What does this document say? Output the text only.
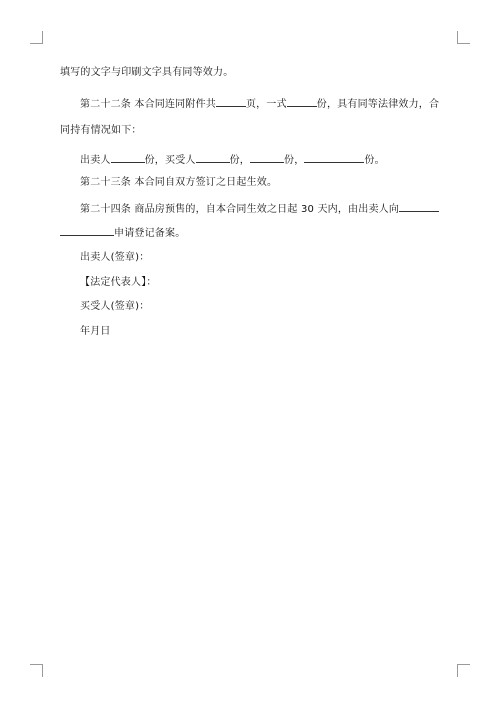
填写的文字与印刷文字具有同等效力。
第二十二条 本合同连同附件共	页，一式	份，具有同等法律效力，合
同持有情况如下：
出卖人	份，买受人	份，	份，	份。
第二十三条 本合同自双方签订之日起生效。
第二十四条 商品房预售的，自本合同生效之日起 30 天内，由出卖人向
申请登记备案。
出卖人(签章)：
【法定代表人】：
买受人(签章)：
年月日
